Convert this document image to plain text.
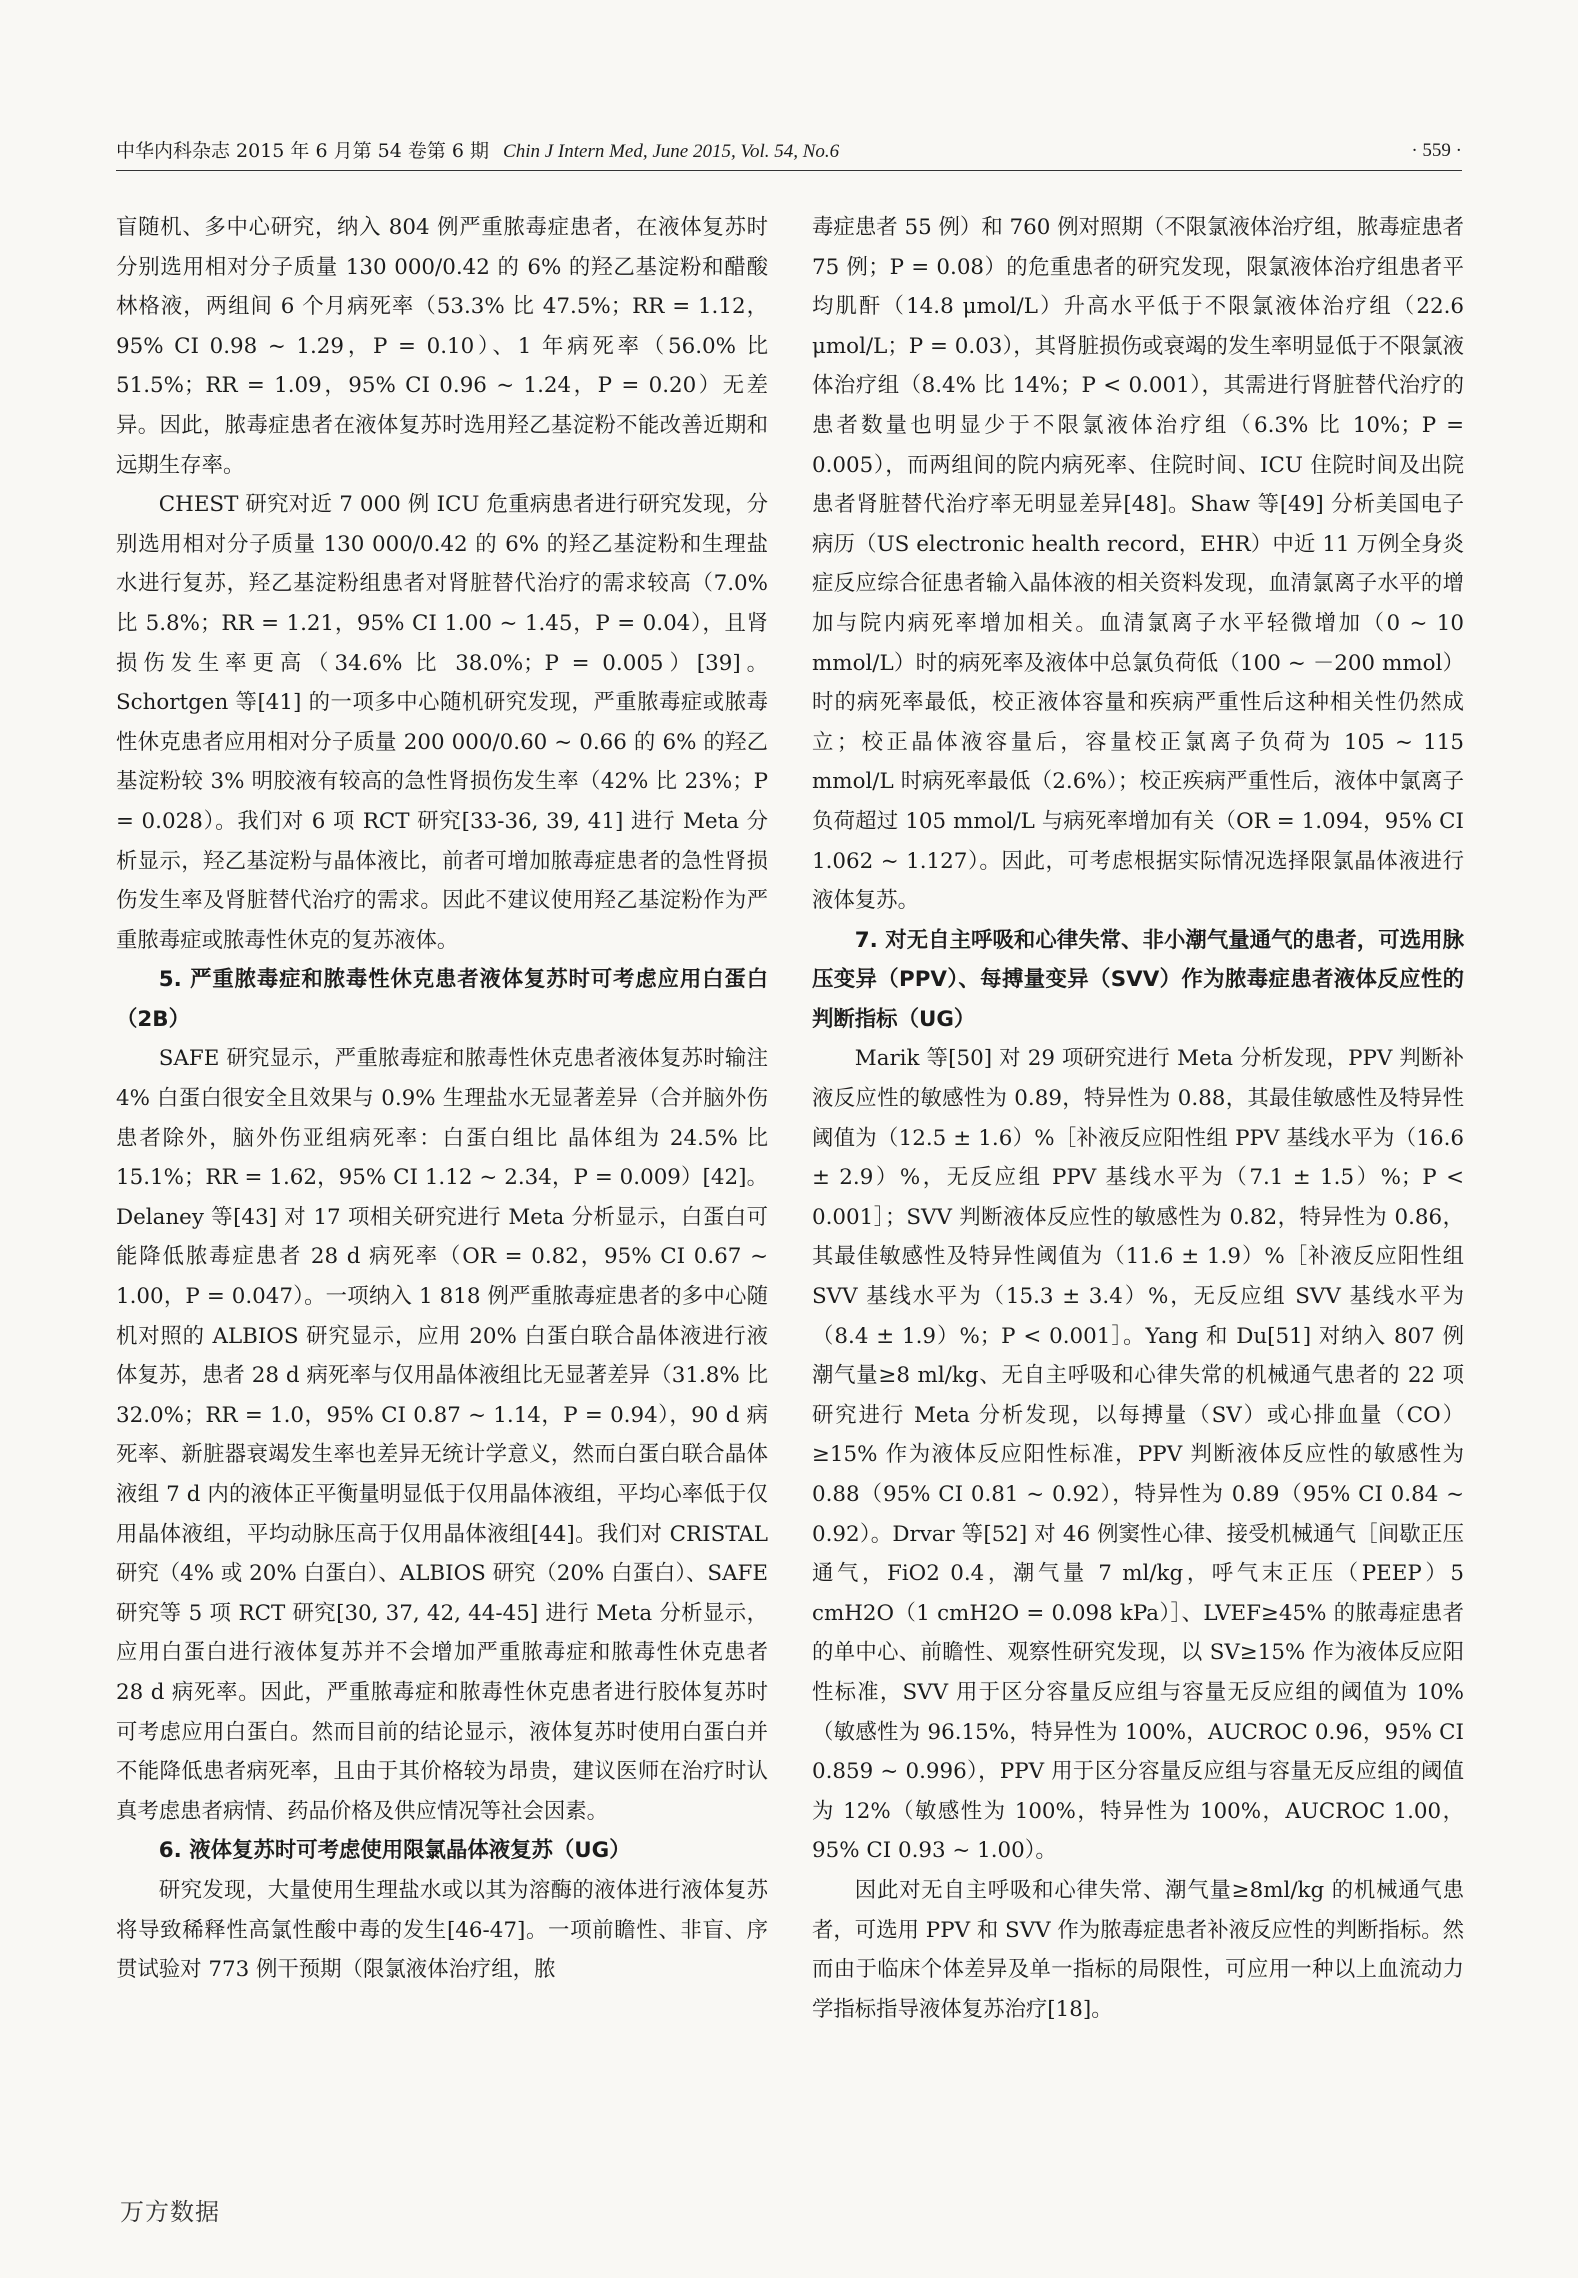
中华内科杂志 2015 年 6 月第 54 卷第 6 期 Chin J Intern Med, June 2015, Vol. 54, No.6	· 559 ·

盲随机、多中心研究，纳入 804 例严重脓毒症患者，在液体复苏时分别选用相对分子质量 130 000/0.42 的 6% 的羟乙基淀粉和醋酸林格液，两组间 6 个月病死率（53.3% 比 47.5%；RR = 1.12，95% CI 0.98 ~ 1.29，P = 0.10）、1 年病死率（56.0% 比 51.5%；RR = 1.09，95% CI 0.96 ~ 1.24，P = 0.20）无差异。因此，脓毒症患者在液体复苏时选用羟乙基淀粉不能改善近期和远期生存率。

CHEST 研究对近 7 000 例 ICU 危重病患者进行研究发现，分别选用相对分子质量 130 000/0.42 的 6% 的羟乙基淀粉和生理盐水进行复苏，羟乙基淀粉组患者对肾脏替代治疗的需求较高（7.0% 比 5.8%；RR = 1.21，95% CI 1.00 ~ 1.45，P = 0.04），且肾损伤发生率更高（34.6% 比 38.0%；P = 0.005）[39]。Schortgen 等[41] 的一项多中心随机研究发现，严重脓毒症或脓毒性休克患者应用相对分子质量 200 000/0.60 ~ 0.66 的 6% 的羟乙基淀粉较 3% 明胶液有较高的急性肾损伤发生率（42% 比 23%；P = 0.028）。我们对 6 项 RCT 研究[33-36, 39, 41] 进行 Meta 分析显示，羟乙基淀粉与晶体液比，前者可增加脓毒症患者的急性肾损伤发生率及肾脏替代治疗的需求。因此不建议使用羟乙基淀粉作为严重脓毒症或脓毒性休克的复苏液体。

5. 严重脓毒症和脓毒性休克患者液体复苏时可考虑应用白蛋白（2B）

SAFE 研究显示，严重脓毒症和脓毒性休克患者液体复苏时输注 4% 白蛋白很安全且效果与 0.9% 生理盐水无显著差异（合并脑外伤患者除外，脑外伤亚组病死率：白蛋白组比 晶体组为 24.5% 比 15.1%；RR = 1.62，95% CI 1.12 ~ 2.34，P = 0.009）[42]。Delaney 等[43] 对 17 项相关研究进行 Meta 分析显示，白蛋白可能降低脓毒症患者 28 d 病死率（OR = 0.82，95% CI 0.67 ~ 1.00，P = 0.047）。一项纳入 1 818 例严重脓毒症患者的多中心随机对照的 ALBIOS 研究显示，应用 20% 白蛋白联合晶体液进行液体复苏，患者 28 d 病死率与仅用晶体液组比无显著差异（31.8% 比 32.0%；RR = 1.0，95% CI 0.87 ~ 1.14，P = 0.94），90 d 病死率、新脏器衰竭发生率也差异无统计学意义，然而白蛋白联合晶体液组 7 d 内的液体正平衡量明显低于仅用晶体液组，平均心率低于仅用晶体液组，平均动脉压高于仅用晶体液组[44]。我们对 CRISTAL 研究（4% 或 20% 白蛋白）、ALBIOS 研究（20% 白蛋白）、SAFE 研究等 5 项 RCT 研究[30, 37, 42, 44-45] 进行 Meta 分析显示，应用白蛋白进行液体复苏并不会增加严重脓毒症和脓毒性休克患者 28 d 病死率。因此，严重脓毒症和脓毒性休克患者进行胶体复苏时可考虑应用白蛋白。然而目前的结论显示，液体复苏时使用白蛋白并不能降低患者病死率，且由于其价格较为昂贵，建议医师在治疗时认真考虑患者病情、药品价格及供应情况等社会因素。

6. 液体复苏时可考虑使用限氯晶体液复苏（UG）

研究发现，大量使用生理盐水或以其为溶酶的液体进行液体复苏将导致稀释性高氯性酸中毒的发生[46-47]。一项前瞻性、非盲、序贯试验对 773 例干预期（限氯液体治疗组，脓

毒症患者 55 例）和 760 例对照期（不限氯液体治疗组，脓毒症患者 75 例；P = 0.08）的危重患者的研究发现，限氯液体治疗组患者平均肌酐（14.8 μmol/L）升高水平低于不限氯液体治疗组（22.6 μmol/L；P = 0.03），其肾脏损伤或衰竭的发生率明显低于不限氯液体治疗组（8.4% 比 14%；P < 0.001），其需进行肾脏替代治疗的患者数量也明显少于不限氯液体治疗组（6.3% 比 10%；P = 0.005），而两组间的院内病死率、住院时间、ICU 住院时间及出院患者肾脏替代治疗率无明显差异[48]。Shaw 等[49] 分析美国电子病历（US electronic health record，EHR）中近 11 万例全身炎症反应综合征患者输入晶体液的相关资料发现，血清氯离子水平的增加与院内病死率增加相关。血清氯离子水平轻微增加（0 ~ 10 mmol/L）时的病死率及液体中总氯负荷低（100 ~ －200 mmol）时的病死率最低，校正液体容量和疾病严重性后这种相关性仍然成立；校正晶体液容量后，容量校正氯离子负荷为 105 ~ 115 mmol/L 时病死率最低（2.6%）；校正疾病严重性后，液体中氯离子负荷超过 105 mmol/L 与病死率增加有关（OR = 1.094，95% CI 1.062 ~ 1.127）。因此，可考虑根据实际情况选择限氯晶体液进行液体复苏。

7. 对无自主呼吸和心律失常、非小潮气量通气的患者，可选用脉压变异（PPV）、每搏量变异（SVV）作为脓毒症患者液体反应性的判断指标（UG）

Marik 等[50] 对 29 项研究进行 Meta 分析发现，PPV 判断补液反应性的敏感性为 0.89，特异性为 0.88，其最佳敏感性及特异性阈值为（12.5 ± 1.6）%［补液反应阳性组 PPV 基线水平为（16.6 ± 2.9）%，无反应组 PPV 基线水平为（7.1 ± 1.5）%；P < 0.001］；SVV 判断液体反应性的敏感性为 0.82，特异性为 0.86，其最佳敏感性及特异性阈值为（11.6 ± 1.9）%［补液反应阳性组 SVV 基线水平为（15.3 ± 3.4）%，无反应组 SVV 基线水平为（8.4 ± 1.9）%；P < 0.001］。Yang 和 Du[51] 对纳入 807 例潮气量≥8 ml/kg、无自主呼吸和心律失常的机械通气患者的 22 项研究进行 Meta 分析发现，以每搏量（SV）或心排血量（CO）≥15% 作为液体反应阳性标准，PPV 判断液体反应性的敏感性为 0.88（95% CI 0.81 ~ 0.92），特异性为 0.89（95% CI 0.84 ~ 0.92）。Drvar 等[52] 对 46 例窦性心律、接受机械通气［间歇正压通气，FiO2 0.4，潮气量 7 ml/kg，呼气末正压（PEEP）5 cmH2O（1 cmH2O = 0.098 kPa）］、LVEF≥45% 的脓毒症患者的单中心、前瞻性、观察性研究发现，以 SV≥15% 作为液体反应阳性标准，SVV 用于区分容量反应组与容量无反应组的阈值为 10%（敏感性为 96.15%，特异性为 100%，AUCROC 0.96，95% CI 0.859 ~ 0.996），PPV 用于区分容量反应组与容量无反应组的阈值为 12%（敏感性为 100%，特异性为 100%，AUCROC 1.00，95% CI 0.93 ~ 1.00）。

因此对无自主呼吸和心律失常、潮气量≥8ml/kg 的机械通气患者，可选用 PPV 和 SVV 作为脓毒症患者补液反应性的判断指标。然而由于临床个体差异及单一指标的局限性，可应用一种以上血流动力学指标指导液体复苏治疗[18]。

万方数据
